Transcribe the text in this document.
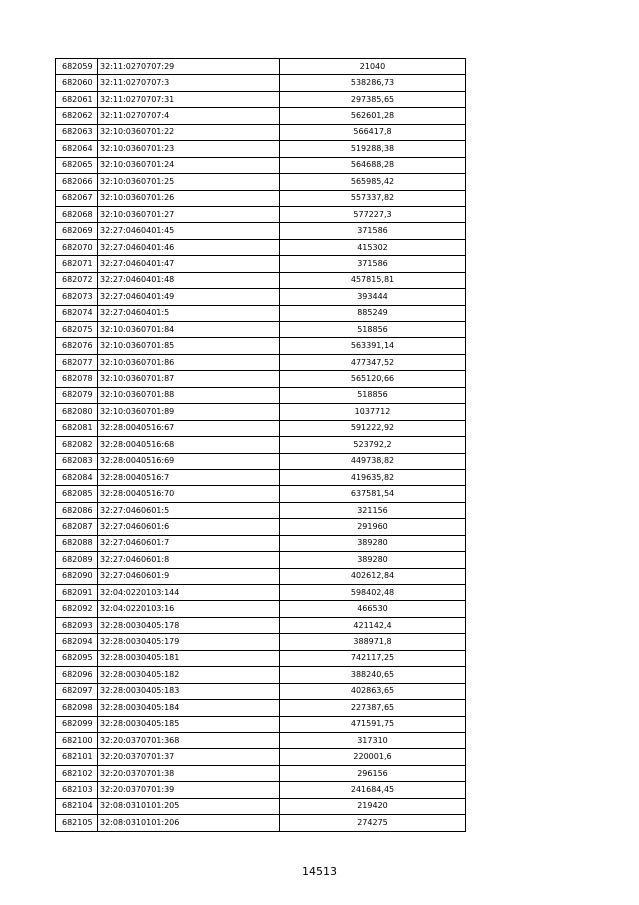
682059	32:11:0270707:29	21040
682060	32:11:0270707:3	538286,73
682061	32:11:0270707:31	297385,65
682062	32:11:0270707:4	562601,28
682063	32:10:0360701:22	566417,8
682064	32:10:0360701:23	519288,38
682065	32:10:0360701:24	564688,28
682066	32:10:0360701:25	565985,42
682067	32:10:0360701:26	557337,82
682068	32:10:0360701:27	577227,3
682069	32:27:0460401:45	371586
682070	32:27:0460401:46	415302
682071	32:27:0460401:47	371586
682072	32:27:0460401:48	457815,81
682073	32:27:0460401:49	393444
682074	32:27:0460401:5	885249
682075	32:10:0360701:84	518856
682076	32:10:0360701:85	563391,14
682077	32:10:0360701:86	477347,52
682078	32:10:0360701:87	565120,66
682079	32:10:0360701:88	518856
682080	32:10:0360701:89	1037712
682081	32:28:0040516:67	591222,92
682082	32:28:0040516:68	523792,2
682083	32:28:0040516:69	449738,82
682084	32:28:0040516:7	419635,82
682085	32:28:0040516:70	637581,54
682086	32:27:0460601:5	321156
682087	32:27:0460601:6	291960
682088	32:27:0460601:7	389280
682089	32:27:0460601:8	389280
682090	32:27:0460601:9	402612,84
682091	32:04:0220103:144	598402,48
682092	32:04:0220103:16	466530
682093	32:28:0030405:178	421142,4
682094	32:28:0030405:179	388971,8
682095	32:28:0030405:181	742117,25
682096	32:28:0030405:182	388240,65
682097	32:28:0030405:183	402863,65
682098	32:28:0030405:184	227387,65
682099	32:28:0030405:185	471591,75
682100	32:20:0370701:368	317310
682101	32:20:0370701:37	220001,6
682102	32:20:0370701:38	296156
682103	32:20:0370701:39	241684,45
682104	32:08:0310101:205	219420
682105	32:08:0310101:206	274275
14513
